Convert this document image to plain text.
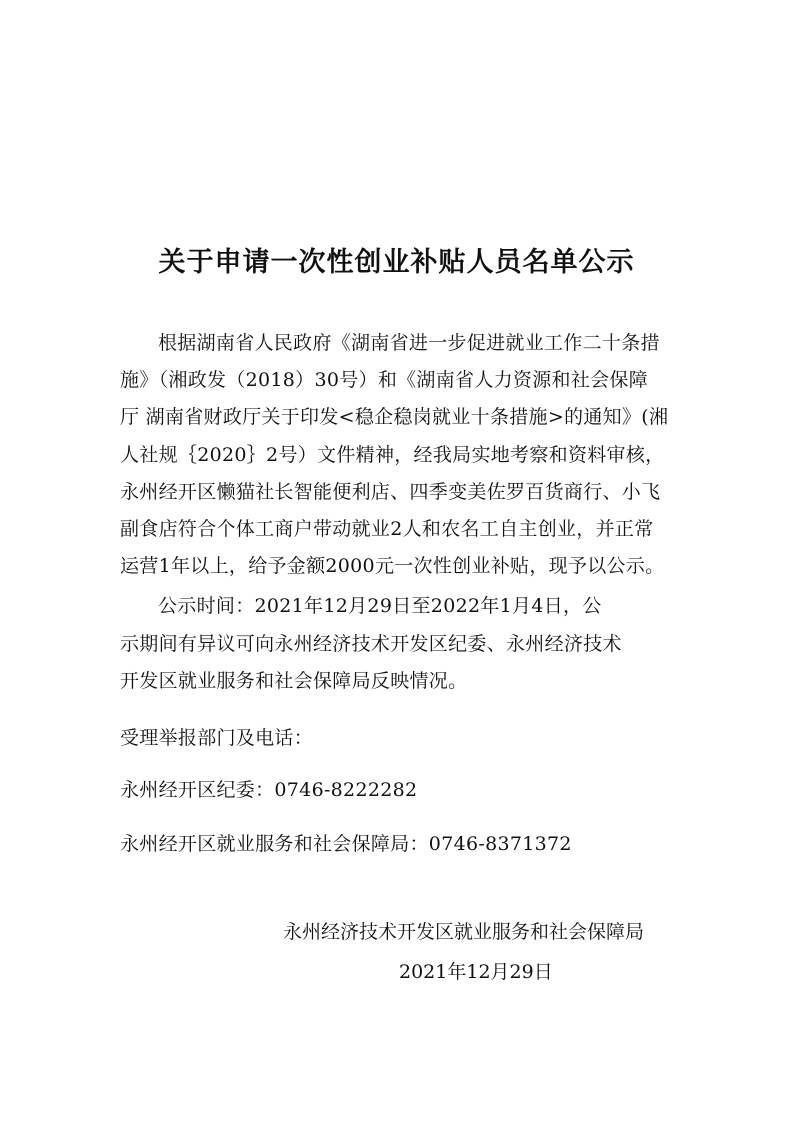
关于申请一次性创业补贴人员名单公示
根据湖南省人民政府《湖南省进一步促进就业工作二十条措
施》（湘政发（2018）30号）和《湖南省人力资源和社会保障
厅 湖南省财政厅关于印发<稳企稳岗就业十条措施>的通知》(湘
人社规｛2020｝2号）文件精神，经我局实地考察和资料审核，
永州经开区懒猫社长智能便利店、四季变美佐罗百货商行、小飞
副食店符合个体工商户带动就业2人和农名工自主创业，并正常
运营1年以上，给予金额2000元一次性创业补贴，现予以公示。
公示时间：2021年12月29日至2022年1月4日，公
示期间有异议可向永州经济技术开发区纪委、永州经济技术
开发区就业服务和社会保障局反映情况。
受理举报部门及电话：
永州经开区纪委：0746-8222282
永州经开区就业服务和社会保障局：0746-8371372
永州经济技术开发区就业服务和社会保障局
2021年12月29日
